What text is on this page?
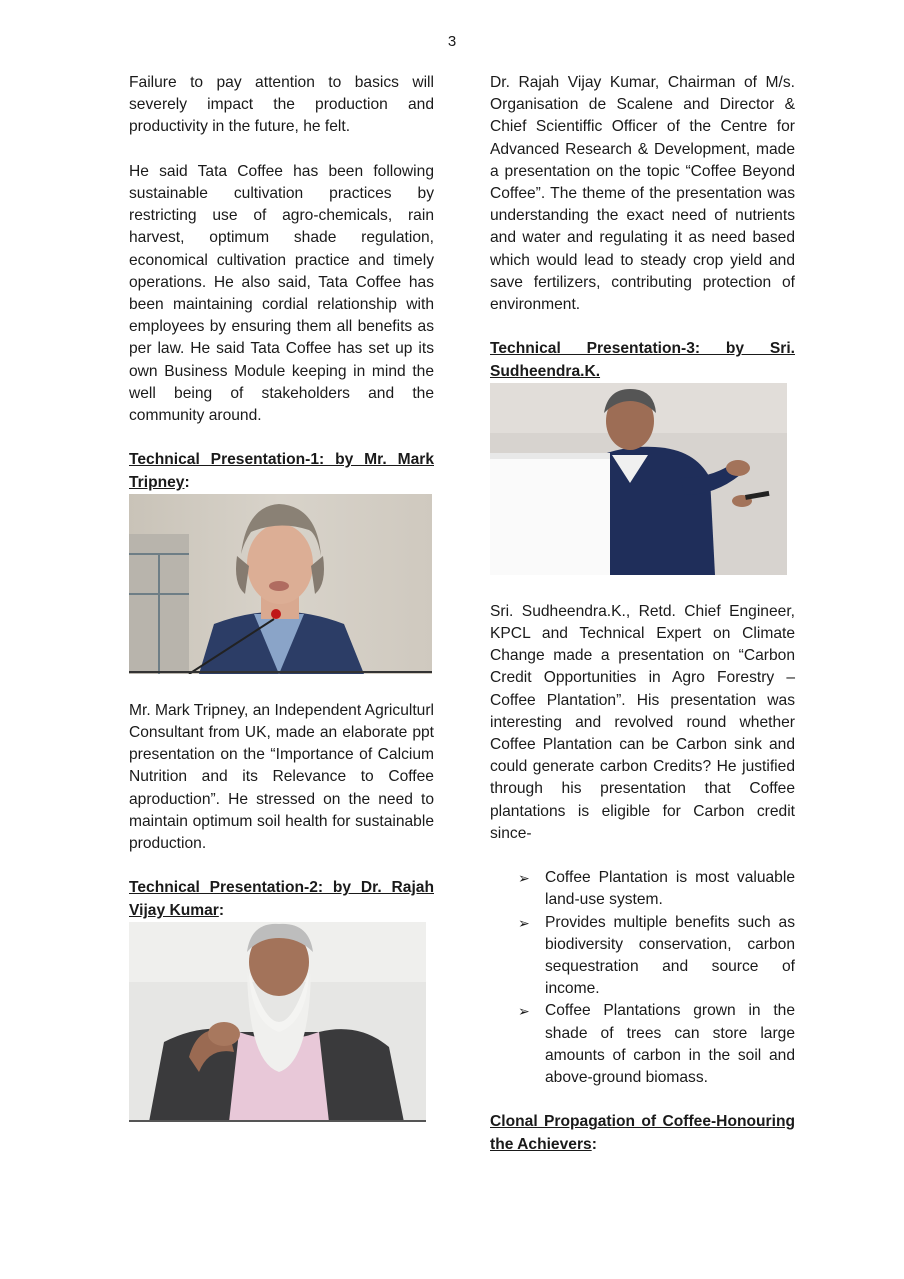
3

Failure to pay attention to basics will severely impact the production and productivity in the future, he felt.

He said Tata Coffee has been following sustainable cultivation practices by restricting use of agro-chemicals, rain harvest, optimum shade regulation, economical cultivation practice and timely operations. He also said, Tata Coffee has been maintaining cordial relationship with employees by ensuring them all benefits as per law. He said Tata Coffee has set up its own Business Module keeping in mind the well being of stakeholders and the community around.

Technical Presentation-1: by Mr. Mark Tripney:

Mr. Mark Tripney, an Independent Agriculturl Consultant from UK, made an elaborate ppt presentation on the “Importance of Calcium Nutrition and its Relevance to Coffee aproduction”. He stressed on the need to maintain optimum soil health for sustainable production.

Technical Presentation-2: by Dr. Rajah Vijay Kumar:

Dr. Rajah Vijay Kumar, Chairman of M/s. Organisation de Scalene and Director & Chief Scientiffic Officer of the Centre for Advanced Research & Development, made a presentation on the topic “Coffee Beyond Coffee”. The theme of the presentation was understanding the exact need of nutrients and water and regulating it as need based which would lead to steady crop yield and save fertilizers, contributing protection of environment.

Technical Presentation-3: by Sri. Sudheendra.K.

Sri. Sudheendra.K., Retd. Chief Engineer, KPCL and Technical Expert on Climate Change made a presentation on “Carbon Credit Opportunities in Agro Forestry – Coffee Plantation”. His presentation was interesting and revolved round whether Coffee Plantation can be Carbon sink and could generate carbon Credits? He justified through his presentation that Coffee plantations is eligible for Carbon credit since-

➢ Coffee Plantation is most valuable land-use system.
➢ Provides multiple benefits such as biodiversity conservation, carbon sequestration and source of income.
➢ Coffee Plantations grown in the shade of trees can store large amounts of carbon in the soil and above-ground biomass.
Clonal Propagation of Coffee-Honouring the Achievers:
